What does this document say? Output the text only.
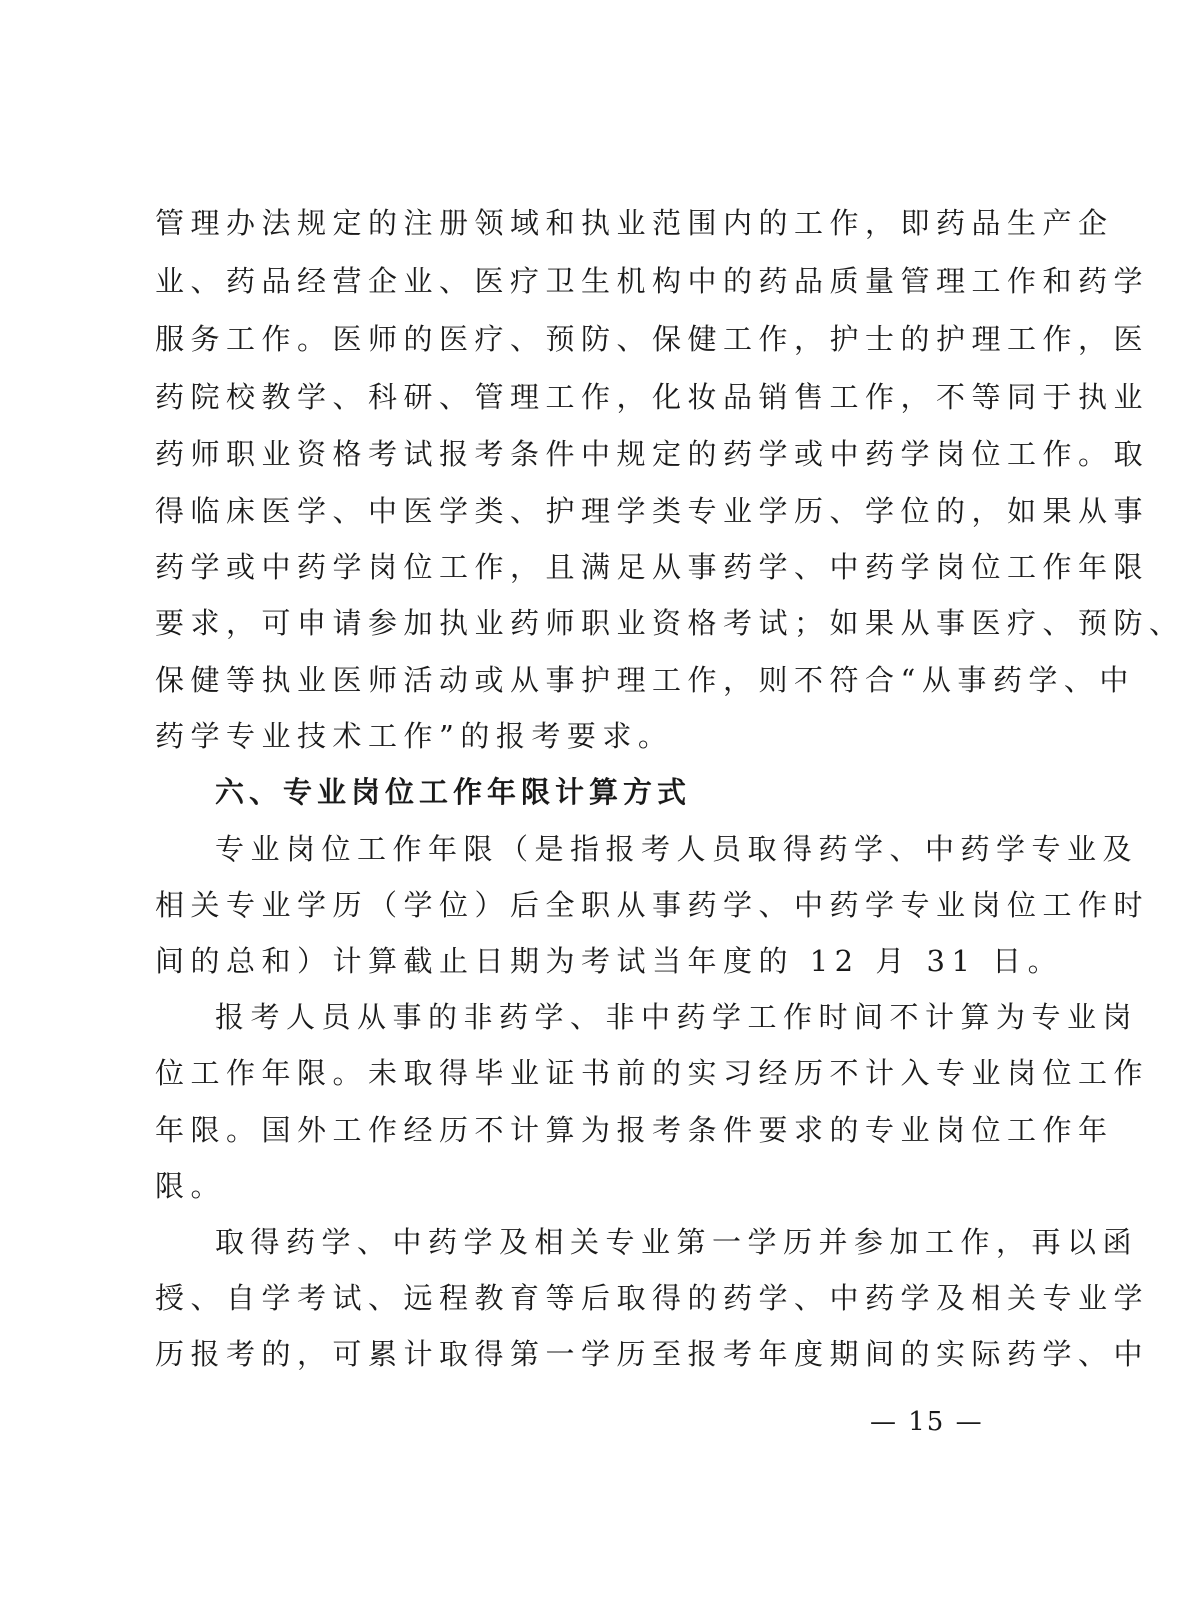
管理办法规定的注册领域和执业范围内的工作，即药品生产企
业、药品经营企业、医疗卫生机构中的药品质量管理工作和药学
服务工作。医师的医疗、预防、保健工作，护士的护理工作，医
药院校教学、科研、管理工作，化妆品销售工作，不等同于执业
药师职业资格考试报考条件中规定的药学或中药学岗位工作。取
得临床医学、中医学类、护理学类专业学历、学位的，如果从事
药学或中药学岗位工作，且满足从事药学、中药学岗位工作年限
要求，可申请参加执业药师职业资格考试；如果从事医疗、预防、
保健等执业医师活动或从事护理工作，则不符合“从事药学、中
药学专业技术工作”的报考要求。
六、专业岗位工作年限计算方式
专业岗位工作年限（是指报考人员取得药学、中药学专业及
相关专业学历（学位）后全职从事药学、中药学专业岗位工作时
间的总和）计算截止日期为考试当年度的 12 月 31 日。
报考人员从事的非药学、非中药学工作时间不计算为专业岗
位工作年限。未取得毕业证书前的实习经历不计入专业岗位工作
年限。国外工作经历不计算为报考条件要求的专业岗位工作年
限。
取得药学、中药学及相关专业第一学历并参加工作，再以函
授、自学考试、远程教育等后取得的药学、中药学及相关专业学
历报考的，可累计取得第一学历至报考年度期间的实际药学、中
— 15 —
